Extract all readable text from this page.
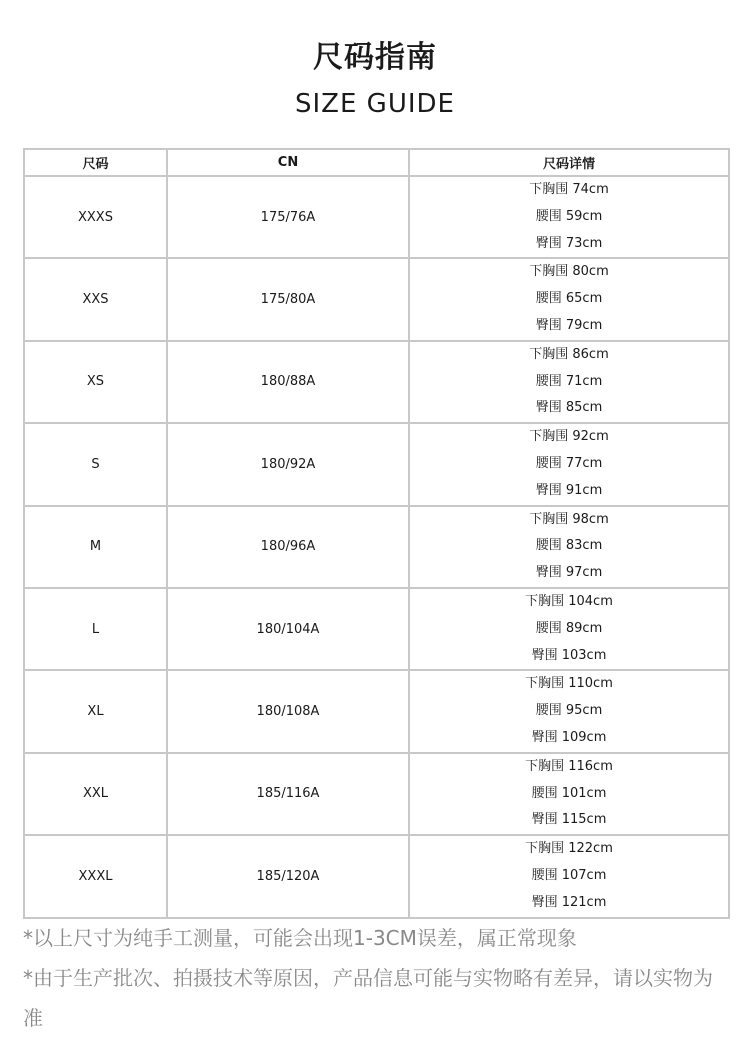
尺码指南
SIZE GUIDE
尺码	CN	尺码详情
XXXS	175/76A	下胸围 74cm
腰围 59cm
臀围 73cm

XXS	175/80A	下胸围 80cm
腰围 65cm
臀围 79cm

XS	180/88A	下胸围 86cm
腰围 71cm
臀围 85cm

S	180/92A	下胸围 92cm
腰围 77cm
臀围 91cm

M	180/96A	下胸围 98cm
腰围 83cm
臀围 97cm

L	180/104A	下胸围 104cm
腰围 89cm
臀围 103cm

XL	180/108A	下胸围 110cm
腰围 95cm
臀围 109cm

XXL	185/116A	下胸围 116cm
腰围 101cm
臀围 115cm

XXXL	185/120A	下胸围 122cm
腰围 107cm
臀围 121cm

*以上尺寸为纯手工测量，可能会出现1-3CM误差，属正常现象

*由于生产批次、拍摄技术等原因，产品信息可能与实物略有差异，请以实物为准
